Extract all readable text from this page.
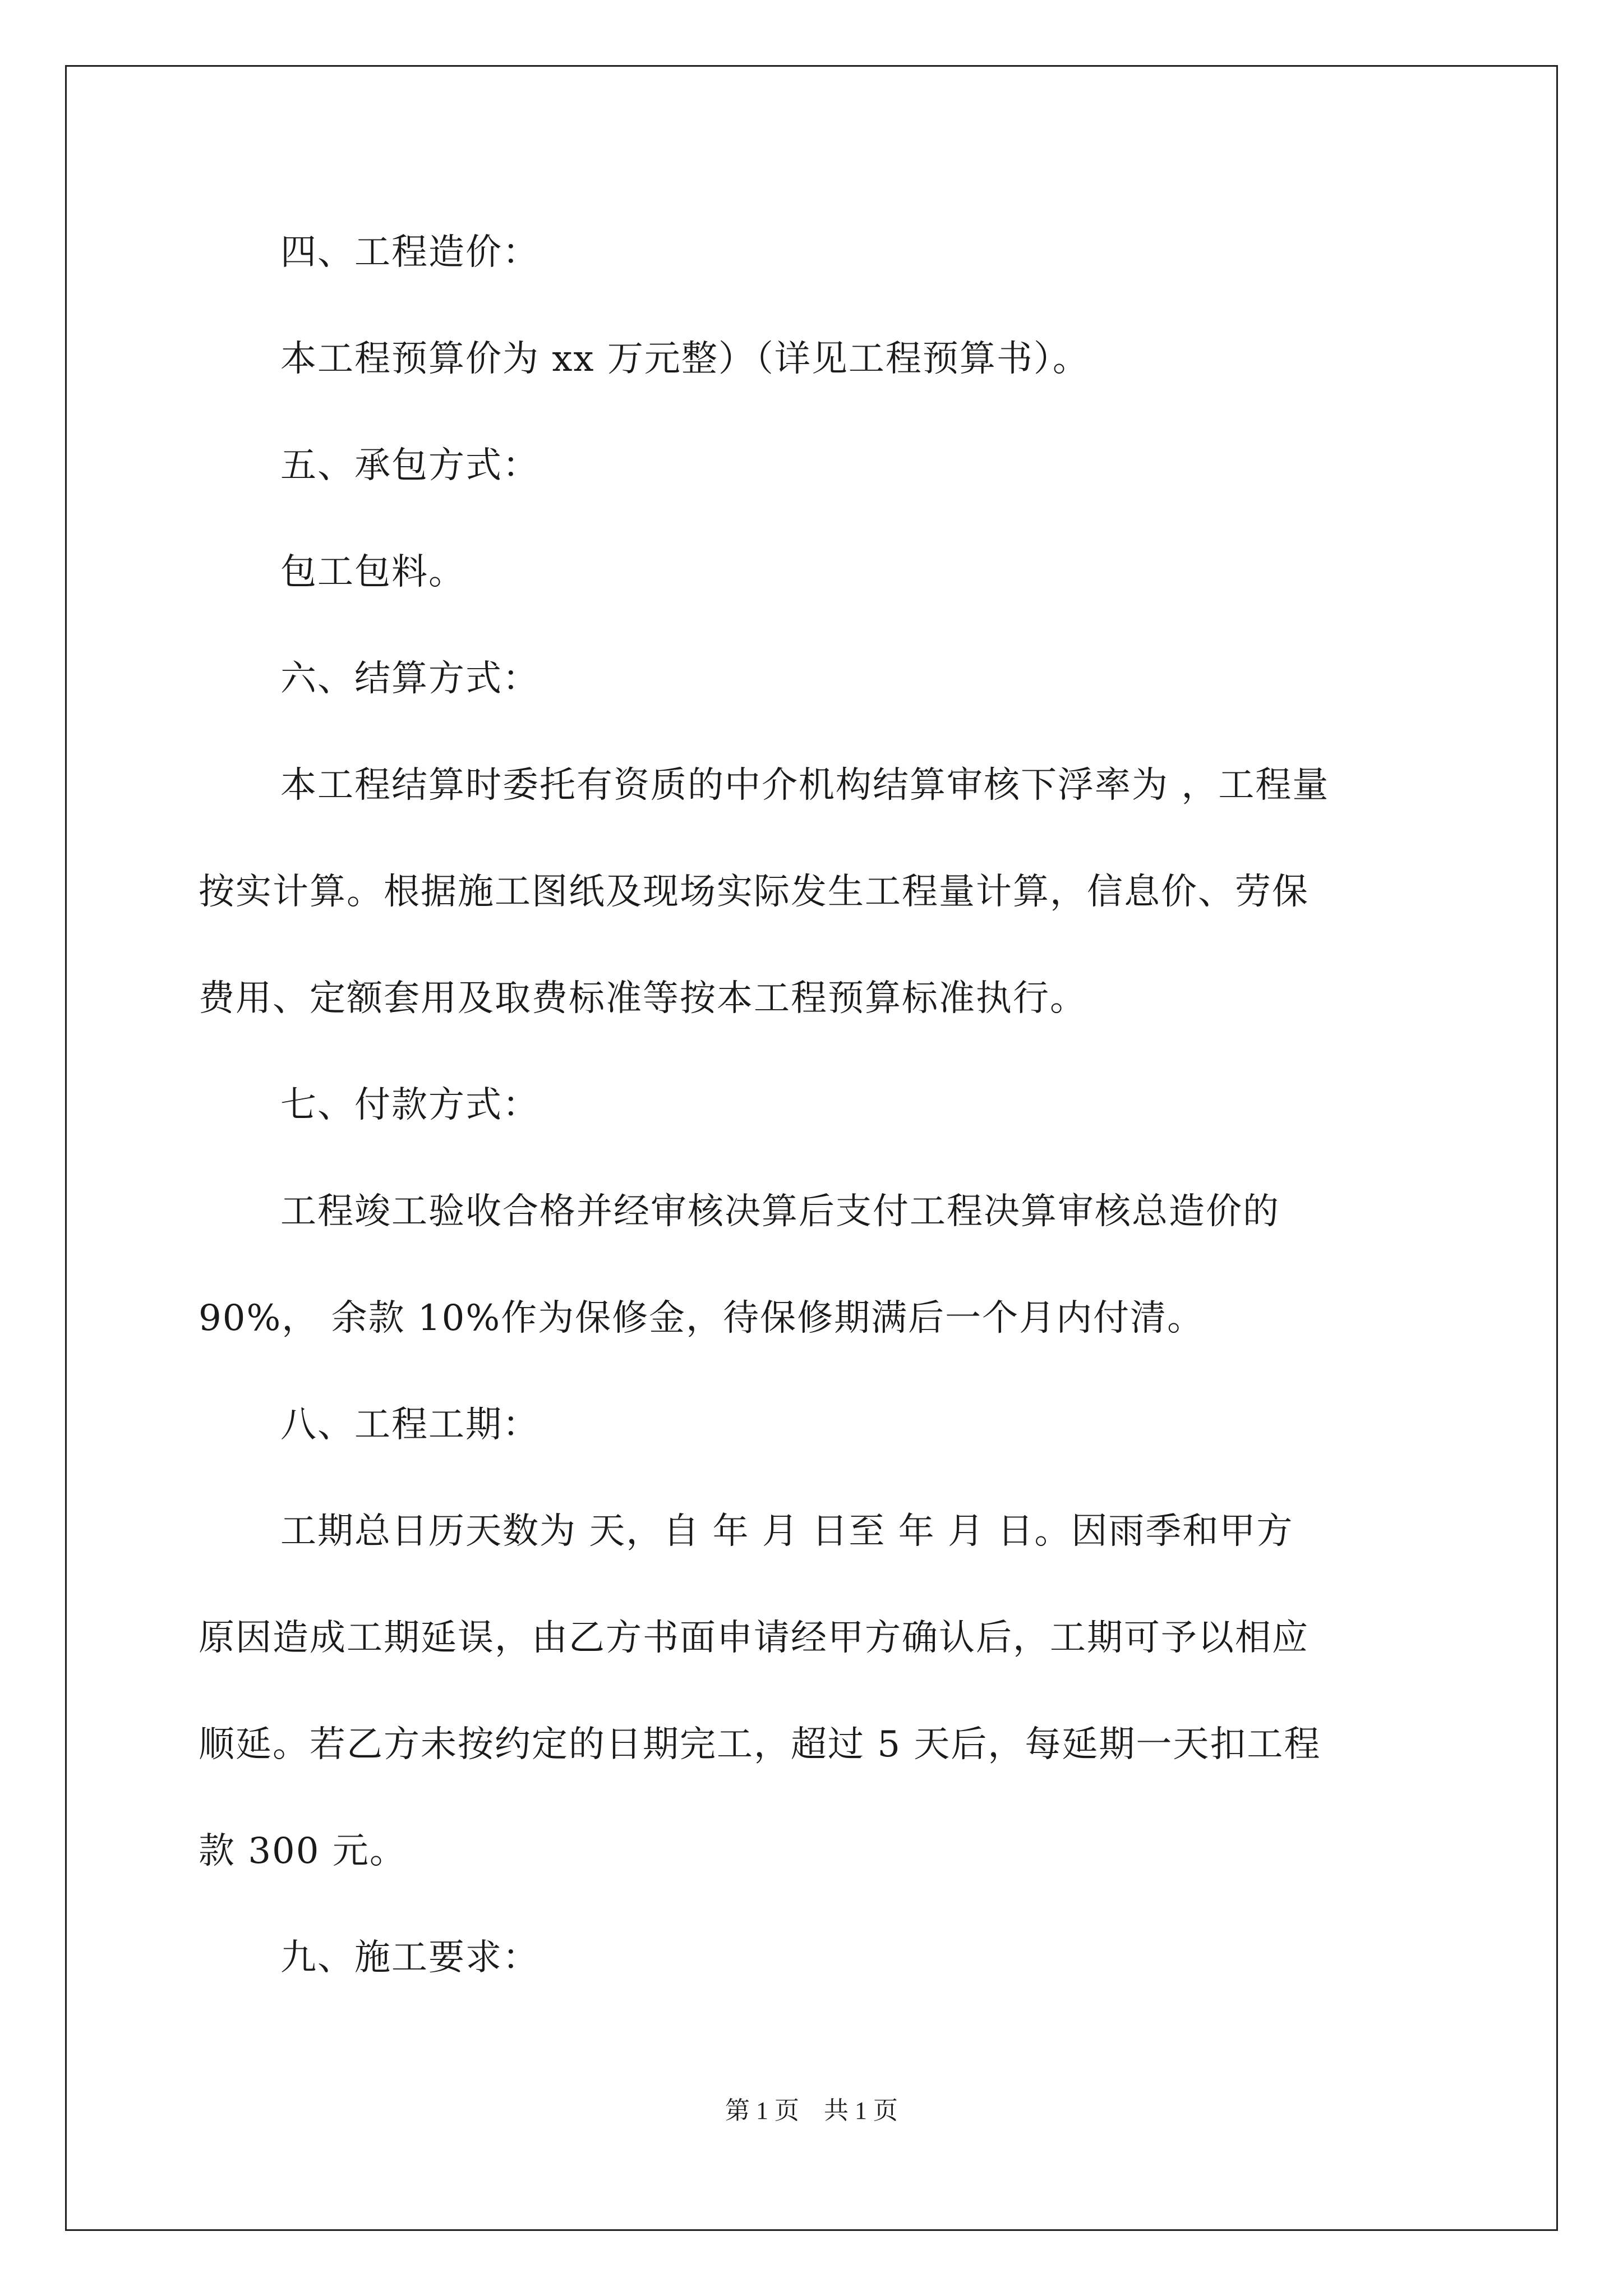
四、工程造价：
本工程预算价为 xx 万元整）（详见工程预算书）。
五、承包方式：
包工包料。
六、结算方式：
本工程结算时委托有资质的中介机构结算审核下浮率为 ，工程量
按实计算。根据施工图纸及现场实际发生工程量计算，信息价、劳保
费用、定额套用及取费标准等按本工程预算标准执行。
七、付款方式：
工程竣工验收合格并经审核决算后支付工程决算审核总造价的
90%， 余款 10%作为保修金，待保修期满后一个月内付清。
八、工程工期：
工期总日历天数为 天，自 年 月 日至 年 月 日。因雨季和甲方
原因造成工期延误，由乙方书面申请经甲方确认后，工期可予以相应
顺延。若乙方未按约定的日期完工，超过 5 天后，每延期一天扣工程
款 300 元。
九、施工要求：
第 1 页　共 1 页
